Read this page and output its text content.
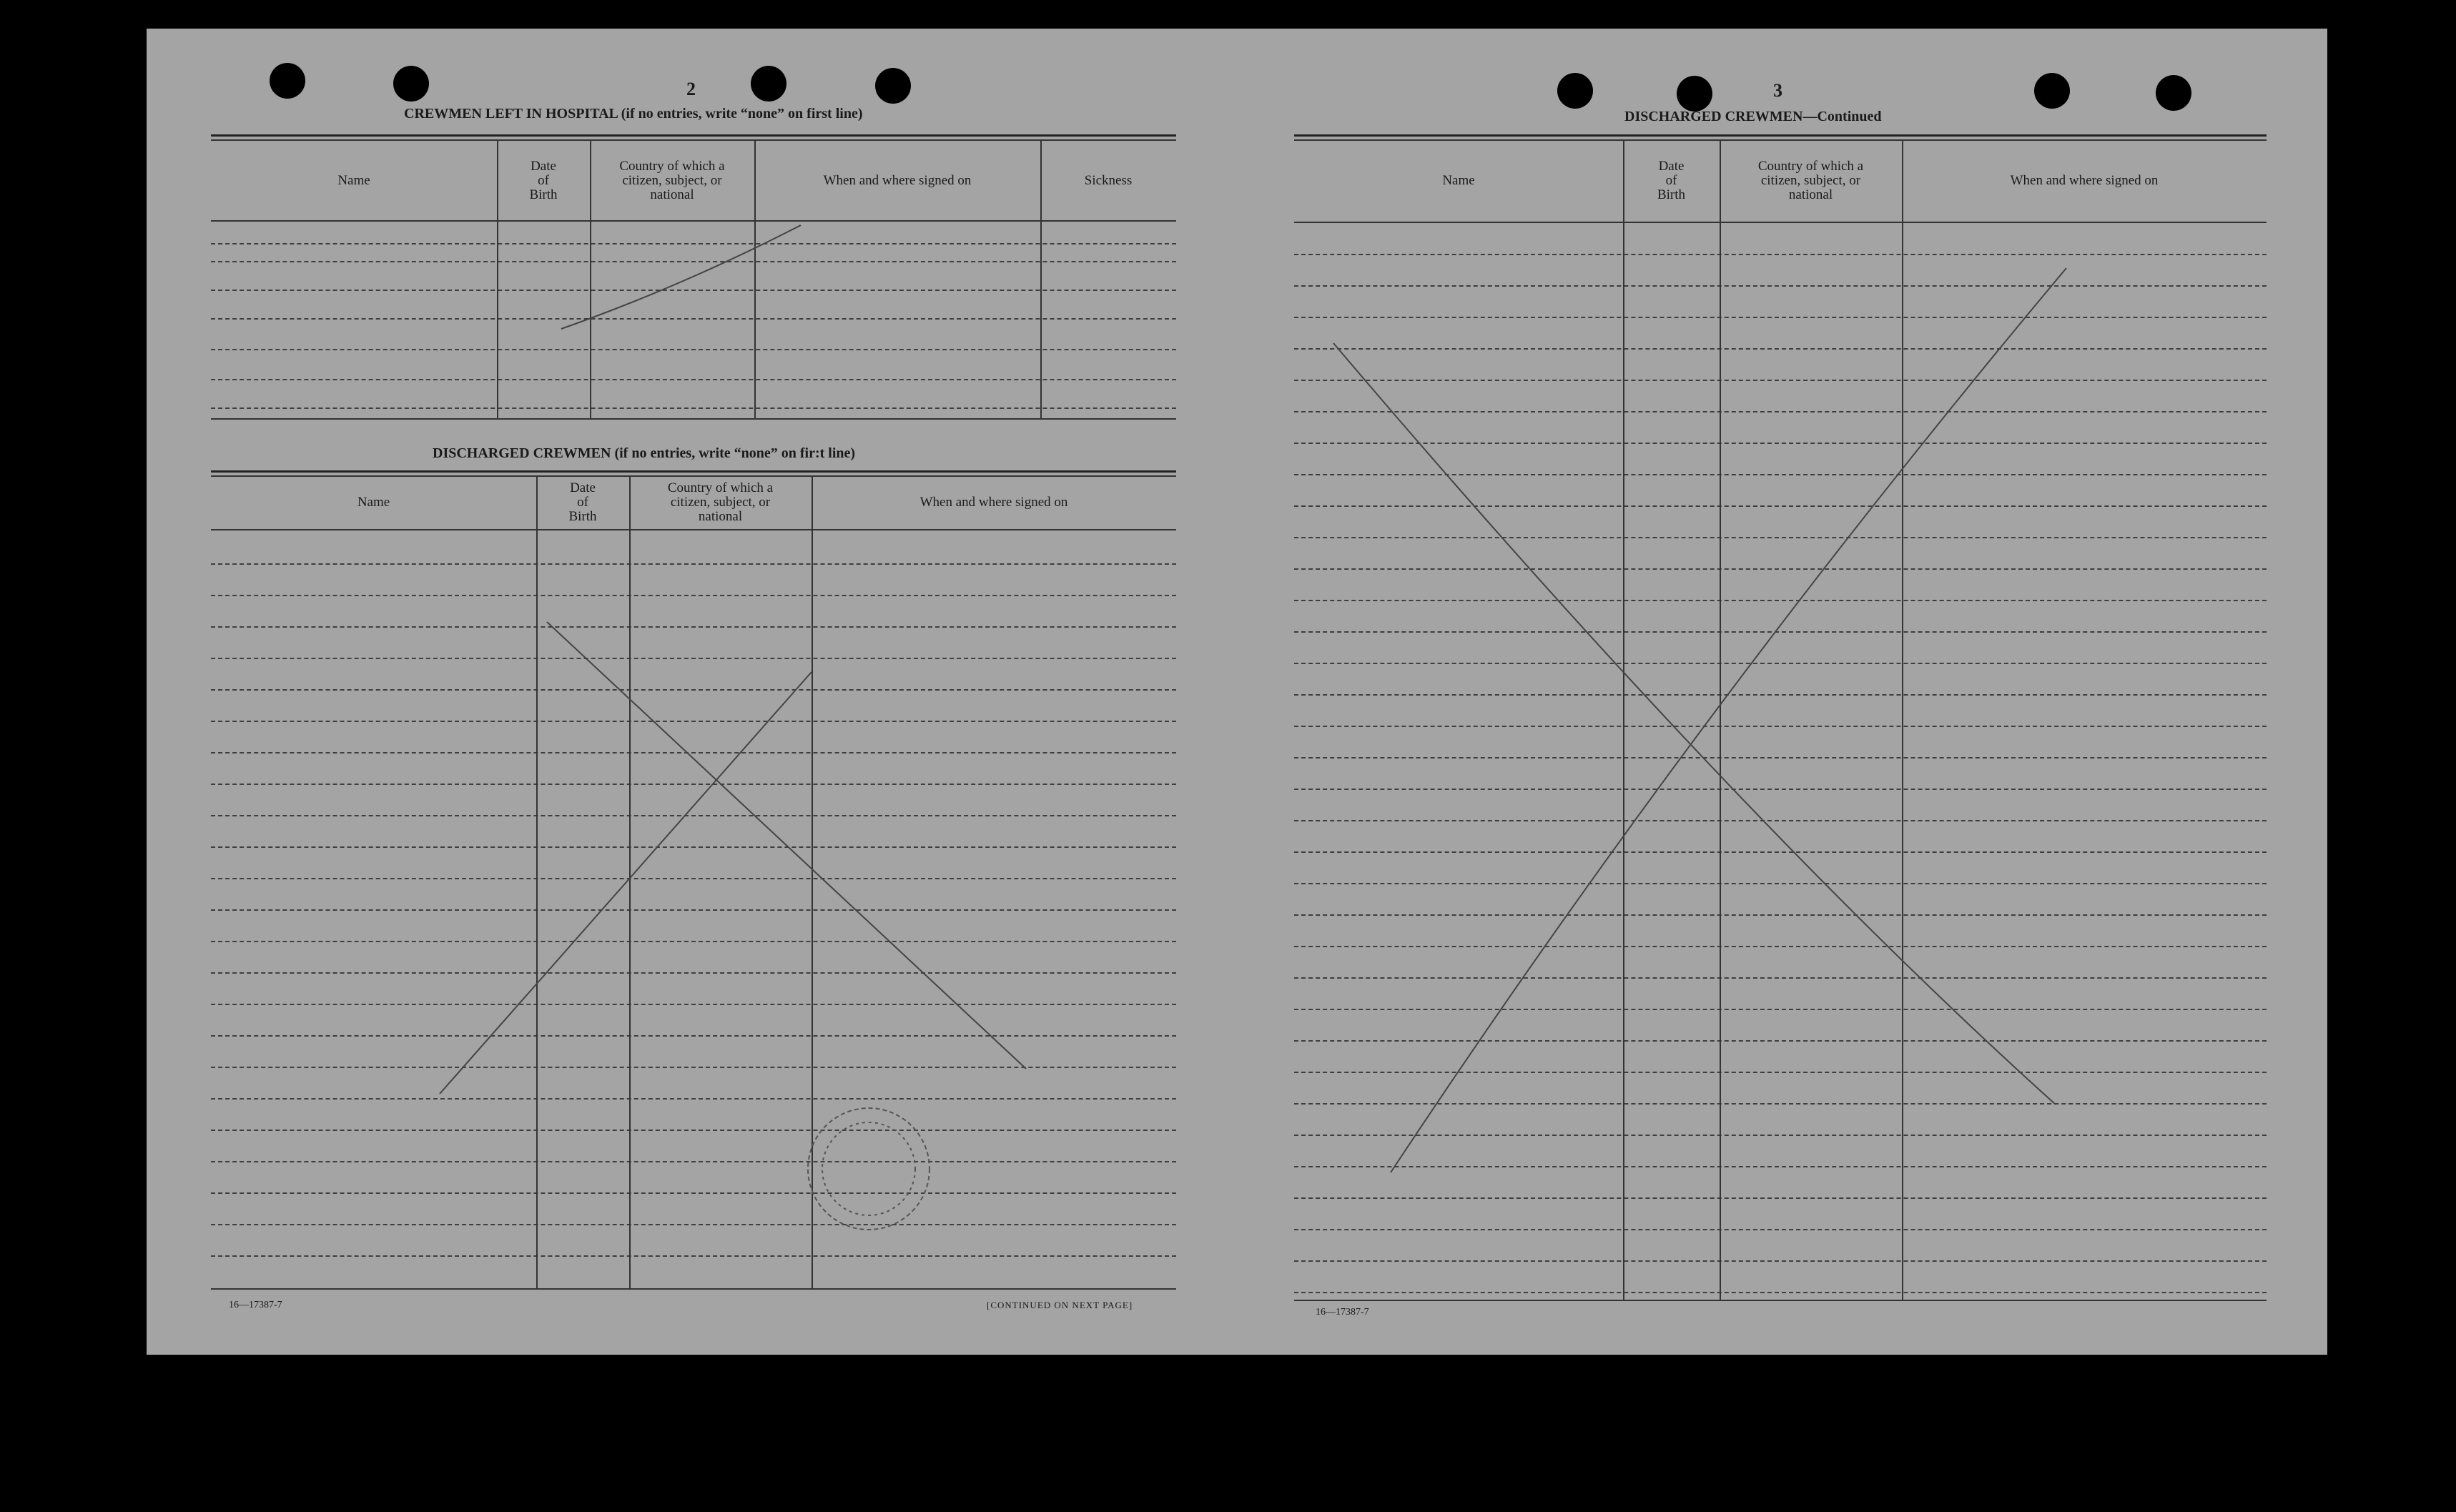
2
CREWMEN LEFT IN HOSPITAL (if no entries, write “none” on first line)
Name
Date
of
Birth
Country of which a
citizen, subject, or
national
When and where signed on	Sickness
DISCHARGED CREWMEN (if no entries, write “none” on fir:t line)
Name
Date
of
Birth
Country of which a
citizen, subject, or
national
When and where signed on
16—17387-7	[CONTINUED ON NEXT PAGE]
3
DISCHARGED CREWMEN—Continued
Name
Date
of
Birth
Country of which a
citizen, subject, or
national
When and where signed on
16—17387-7
